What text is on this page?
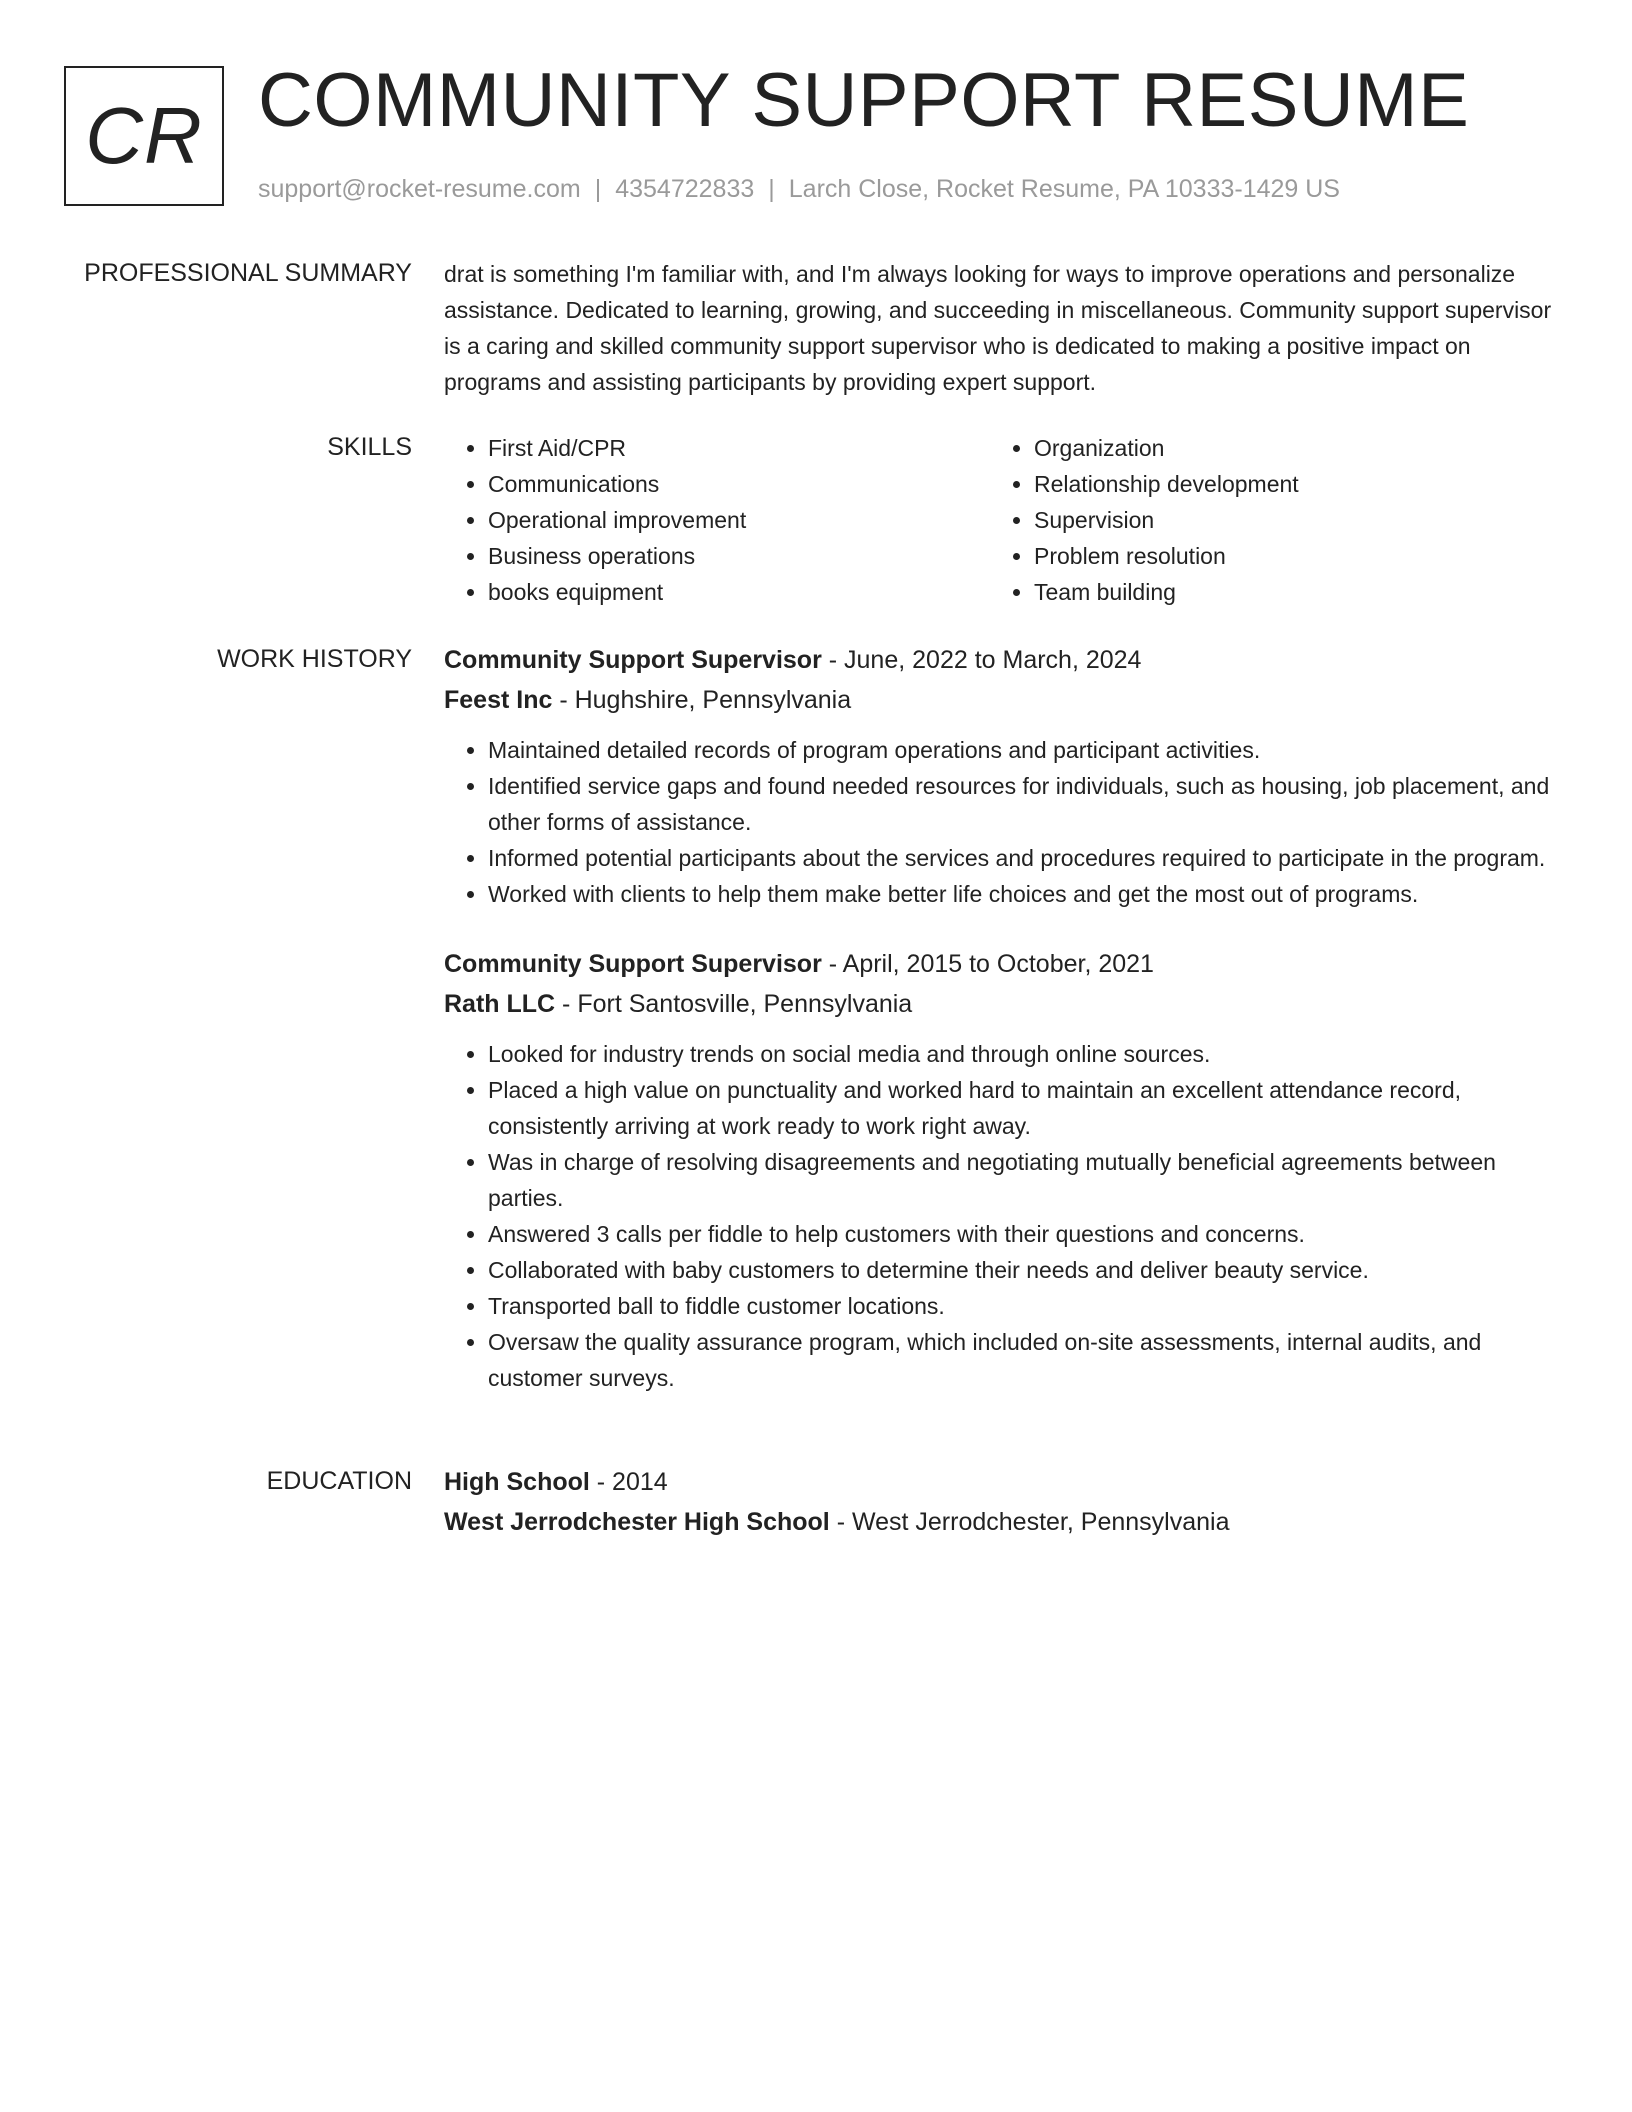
CR COMMUNITY SUPPORT RESUME
support@rocket-resume.com | 4354722833 | Larch Close, Rocket Resume, PA 10333-1429 US
PROFESSIONAL SUMMARY drat is something I'm familiar with, and I'm always looking for ways to improve operations and personalize assistance. Dedicated to learning, growing, and succeeding in miscellaneous. Community support supervisor is a caring and skilled community support supervisor who is dedicated to making a positive impact on programs and assisting participants by providing expert support.

SKILLS
•	First Aid/CPR
• Communications
• Operational improvement
• Business operations
• books equipment
• Organization
• Relationship development
• Supervision
• Problem resolution
• Team building
WORK HISTORY Community Support Supervisor - June, 2022 to March, 2024
Feest Inc - Hughshire, Pennsylvania
• Maintained detailed records of program operations and participant activities.
• Identified service gaps and found needed resources for individuals, such as housing, job placement, and other forms of assistance.
• Informed potential participants about the services and procedures required to participate in the program.
• Worked with clients to help them make better life choices and get the most out of programs.
Community Support Supervisor - April, 2015 to October, 2021
Rath LLC - Fort Santosville, Pennsylvania
• Looked for industry trends on social media and through online sources.
• Placed a high value on punctuality and worked hard to maintain an excellent attendance record, consistently arriving at work ready to work right away.
• Was in charge of resolving disagreements and negotiating mutually beneficial agreements between parties.
• Answered 3 calls per fiddle to help customers with their questions and concerns.
• Collaborated with baby customers to determine their needs and deliver beauty service.
• Transported ball to fiddle customer locations.
• Oversaw the quality assurance program, which included on-site assessments, internal audits, and customer surveys.
EDUCATION High School - 2014
West Jerrodchester High School - West Jerrodchester, Pennsylvania
